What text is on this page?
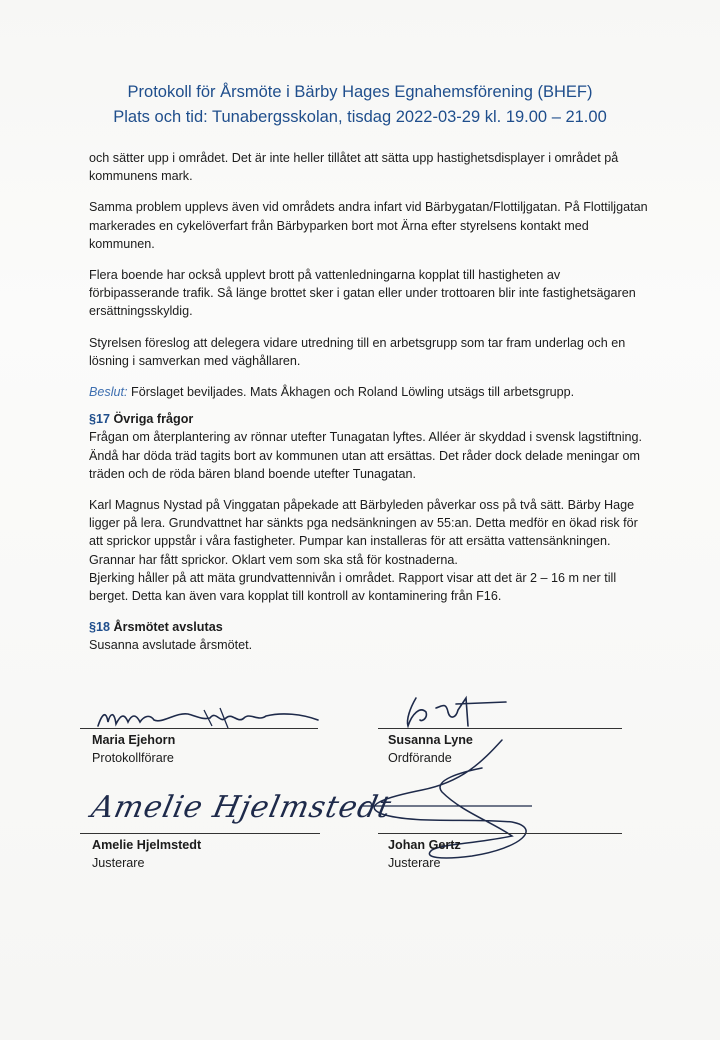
Protokoll för Årsmöte i Bärby Hages Egnahemsförening (BHEF)
Plats och tid: Tunabergsskolan, tisdag 2022-03-29 kl. 19.00 – 21.00

och sätter upp i området. Det är inte heller tillåtet att sätta upp hastighetsdisplayer i området på kommunens mark.

Samma problem upplevs även vid områdets andra infart vid Bärbygatan/Flottiljgatan. På Flottiljgatan markerades en cykelöverfart från Bärbyparken bort mot Ärna efter styrelsens kontakt med kommunen.

Flera boende har också upplevt brott på vattenledningarna kopplat till hastigheten av förbipasserande trafik. Så länge brottet sker i gatan eller under trottoaren blir inte fastighetsägaren ersättningsskyldig.

Styrelsen föreslog att delegera vidare utredning till en arbetsgrupp som tar fram underlag och en lösning i samverkan med väghållaren.

Beslut: Förslaget beviljades. Mats Åkhagen och Roland Löwling utsägs till arbetsgrupp.

§17 Övriga frågor

Frågan om återplantering av rönnar utefter Tunagatan lyftes. Alléer är skyddad i svensk lagstiftning. Ändå har döda träd tagits bort av kommunen utan att ersättas. Det råder dock delade meningar om träden och de röda bären bland boende utefter Tunagatan.

Karl Magnus Nystad på Vinggatan påpekade att Bärbyleden påverkar oss på två sätt. Bärby Hage ligger på lera. Grundvattnet har sänkts pga nedsänkningen av 55:an. Detta medför en ökad risk för att sprickor uppstår i våra fastigheter. Pumpar kan installeras för att ersätta vattensänkningen. Grannar har fått sprickor. Oklart vem som ska stå för kostnaderna.

Bjerking håller på att mäta grundvattennivån i området. Rapport visar att det är 2 – 16 m ner till berget. Detta kan även vara kopplat till kontroll av kontaminering från F16.

§18 Årsmötet avslutas

Susanna avslutade årsmötet.

Maria Ejehorn
Protokollförare
Susanna Lyne
Ordförande
Amelie Hjelmstedt
Amelie Hjelmstedt
Justerare
Johan Gertz
Justerare
